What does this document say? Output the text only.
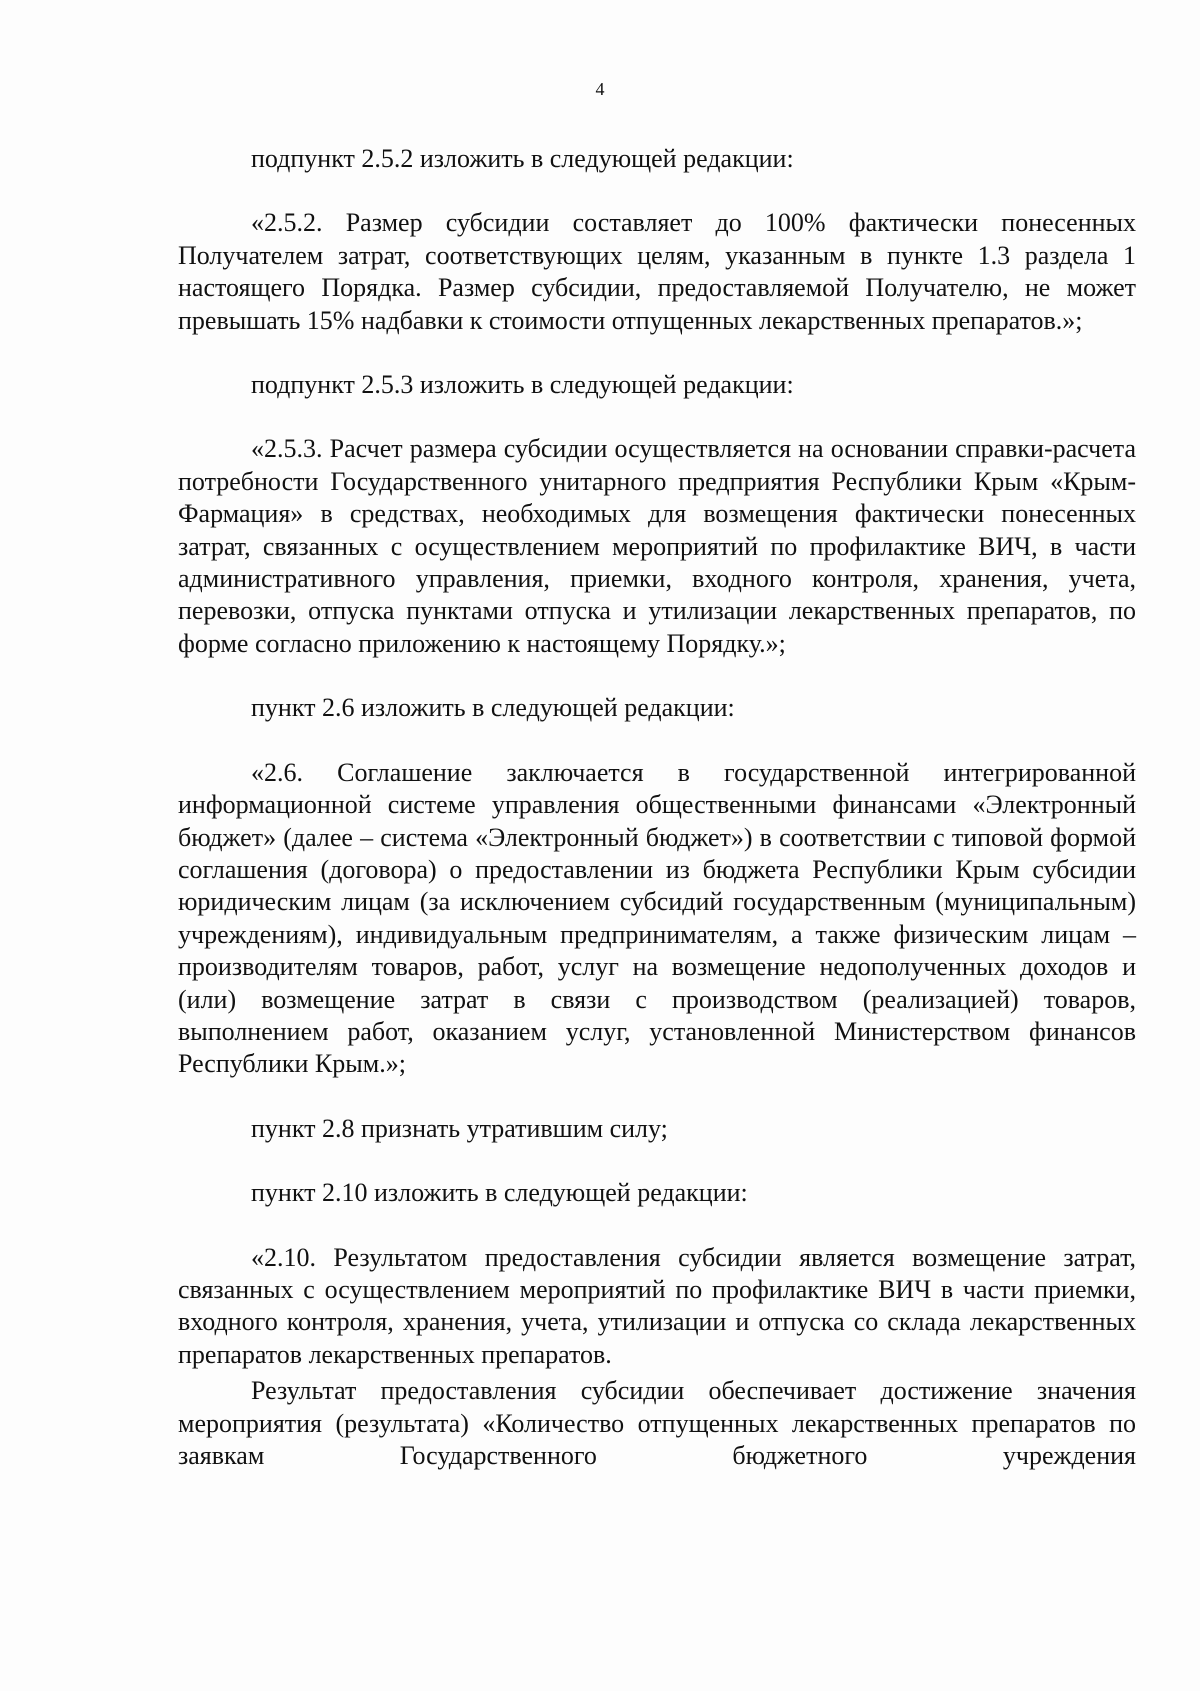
4

подпункт 2.5.2 изложить в следующей редакции:

«2.5.2. Размер субсидии составляет до 100% фактически понесенных Получателем затрат, соответствующих целям, указанным в пункте 1.3 раздела 1 настоящего Порядка. Размер субсидии, предоставляемой Получателю, не может превышать 15% надбавки к стоимости отпущенных лекарственных препаратов.»;

подпункт 2.5.3 изложить в следующей редакции:

«2.5.3. Расчет размера субсидии осуществляется на основании справки-расчета потребности Государственного унитарного предприятия Республики Крым «Крым-Фармация» в средствах, необходимых для возмещения фактически понесенных затрат, связанных с осуществлением мероприятий по профилактике ВИЧ, в части административного управления, приемки, входного контроля, хранения, учета, перевозки, отпуска пунктами отпуска и утилизации лекарственных препаратов, по форме согласно приложению к настоящему Порядку.»;

пункт 2.6 изложить в следующей редакции:

«2.6. Соглашение заключается в государственной интегрированной информационной системе управления общественными финансами «Электронный бюджет» (далее – система «Электронный бюджет») в соответствии с типовой формой соглашения (договора) о предоставлении из бюджета Республики Крым субсидии юридическим лицам (за исключением субсидий государственным (муниципальным) учреждениям), индивидуальным предпринимателям, а также физическим лицам – производителям товаров, работ, услуг на возмещение недополученных доходов и (или) возмещение затрат в связи с производством (реализацией) товаров, выполнением работ, оказанием услуг, установленной Министерством финансов Республики Крым.»;

пункт 2.8 признать утратившим силу;

пункт 2.10 изложить в следующей редакции:

«2.10. Результатом предоставления субсидии является возмещение затрат, связанных с осуществлением мероприятий по профилактике ВИЧ в части приемки, входного контроля, хранения, учета, утилизации и отпуска со склада лекарственных препаратов лекарственных препаратов.

Результат предоставления субсидии обеспечивает достижение значения мероприятия (результата) «Количество отпущенных лекарственных препаратов по заявкам Государственного бюджетного учреждения
